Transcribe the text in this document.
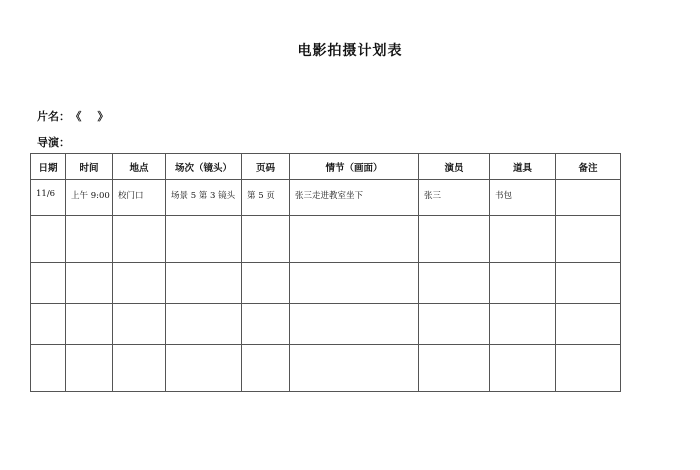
电影拍摄计划表
片名： 《 》
导演：
日期	时间	地点	场次（镜头）	页码	情节（画面）	演员	道具	备注
11/6	上午 9:00	校门口	场景 5 第 3 镜头	第 5 页	张三走进教室坐下	张三	书包	
